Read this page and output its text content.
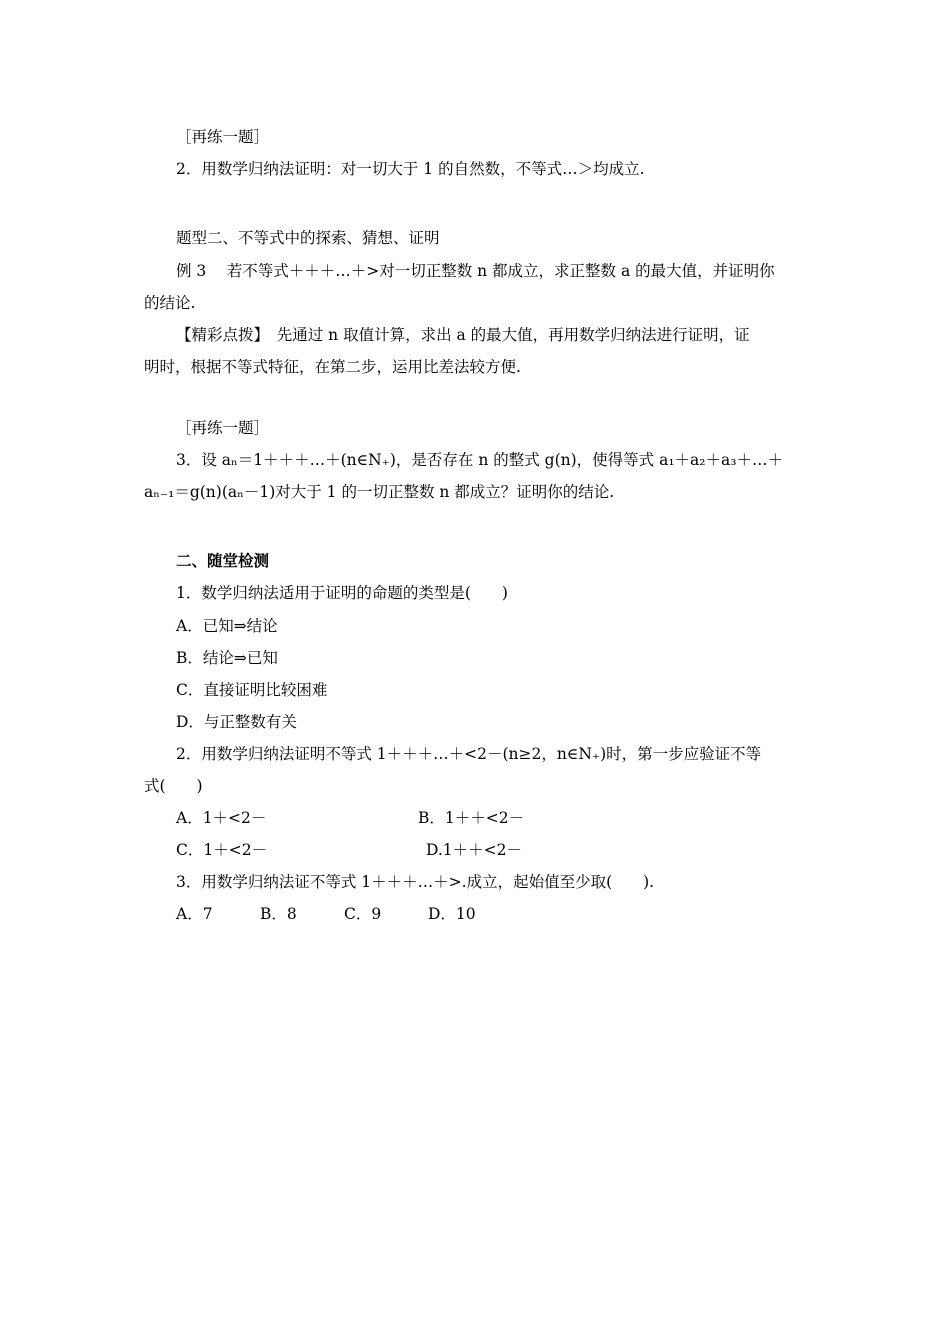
［再练一题］
2．用数学归纳法证明：对一切大于 1 的自然数，不等式…＞均成立.
题型二、不等式中的探索、猜想、证明
例 3　 若不等式＋＋＋…＋>对一切正整数 n 都成立，求正整数 a 的最大值，并证明你
的结论.
【精彩点拨】　先通过 n 取值计算，求出 a 的最大值，再用数学归纳法进行证明，证
明时，根据不等式特征，在第二步，运用比差法较方便.
［再练一题］
3．设 aₙ＝1＋＋＋…＋(n∈N₊)，是否存在 n 的整式 g(n)，使得等式 a₁＋a₂＋a₃＋…＋
aₙ₋₁＝g(n)(aₙ－1)对大于 1 的一切正整数 n 都成立？证明你的结论.
二、随堂检测
1．数学归纳法适用于证明的命题的类型是(　　)
A．已知⇒结论
B．结论⇒已知
C．直接证明比较困难
D．与正整数有关
2．用数学归纳法证明不等式 1＋＋＋…＋<2－(n≥2，n∈N₊)时，第一步应验证不等
式(　　)
A．1＋<2－	B．1＋＋<2－
C．1＋<2－	D.1＋＋<2－
3．用数学归纳法证不等式 1＋＋＋…＋>.成立，起始值至少取(　　).
A．7	B．8	C．9	D．10
